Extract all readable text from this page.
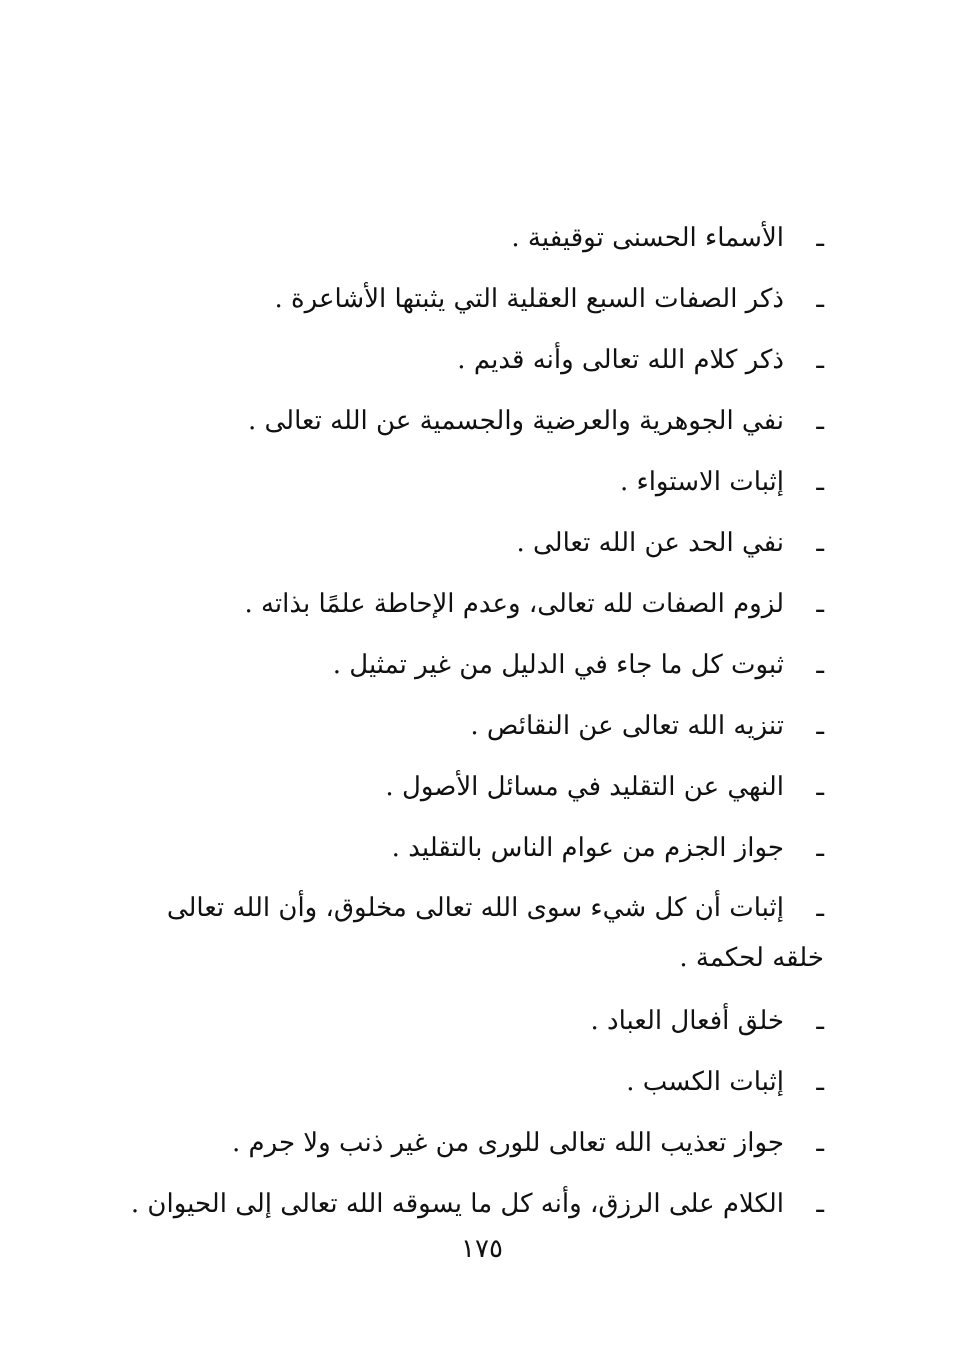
ـ
الأسماء الحسنى توقيفية .
ـ
ذكر الصفات السبع العقلية التي يثبتها الأشاعرة .
ـ
ذكر كلام الله تعالى وأنه قديم .
ـ
نفي الجوهرية والعرضية والجسمية عن الله تعالى .
ـ
إثبات الاستواء .
ـ
نفي الحد عن الله تعالى .
ـ
لزوم الصفات لله تعالى، وعدم الإحاطة علمًا بذاته .
ـ
ثبوت كل ما جاء في الدليل من غير تمثيل .
ـ
تنزيه الله تعالى عن النقائص .
ـ
النهي عن التقليد في مسائل الأصول .
ـ
جواز الجزم من عوام الناس بالتقليد .
ـ
إثبات أن كل شيء سوى الله تعالى مخلوق، وأن الله تعالى خلقه لحكمة .
ـ
خلق أفعال العباد .
ـ
إثبات الكسب .
ـ
جواز تعذيب الله تعالى للورى من غير ذنب ولا جرم .
ـ
الكلام على الرزق، وأنه كل ما يسوقه الله تعالى إلى الحيوان .
١٧٥
